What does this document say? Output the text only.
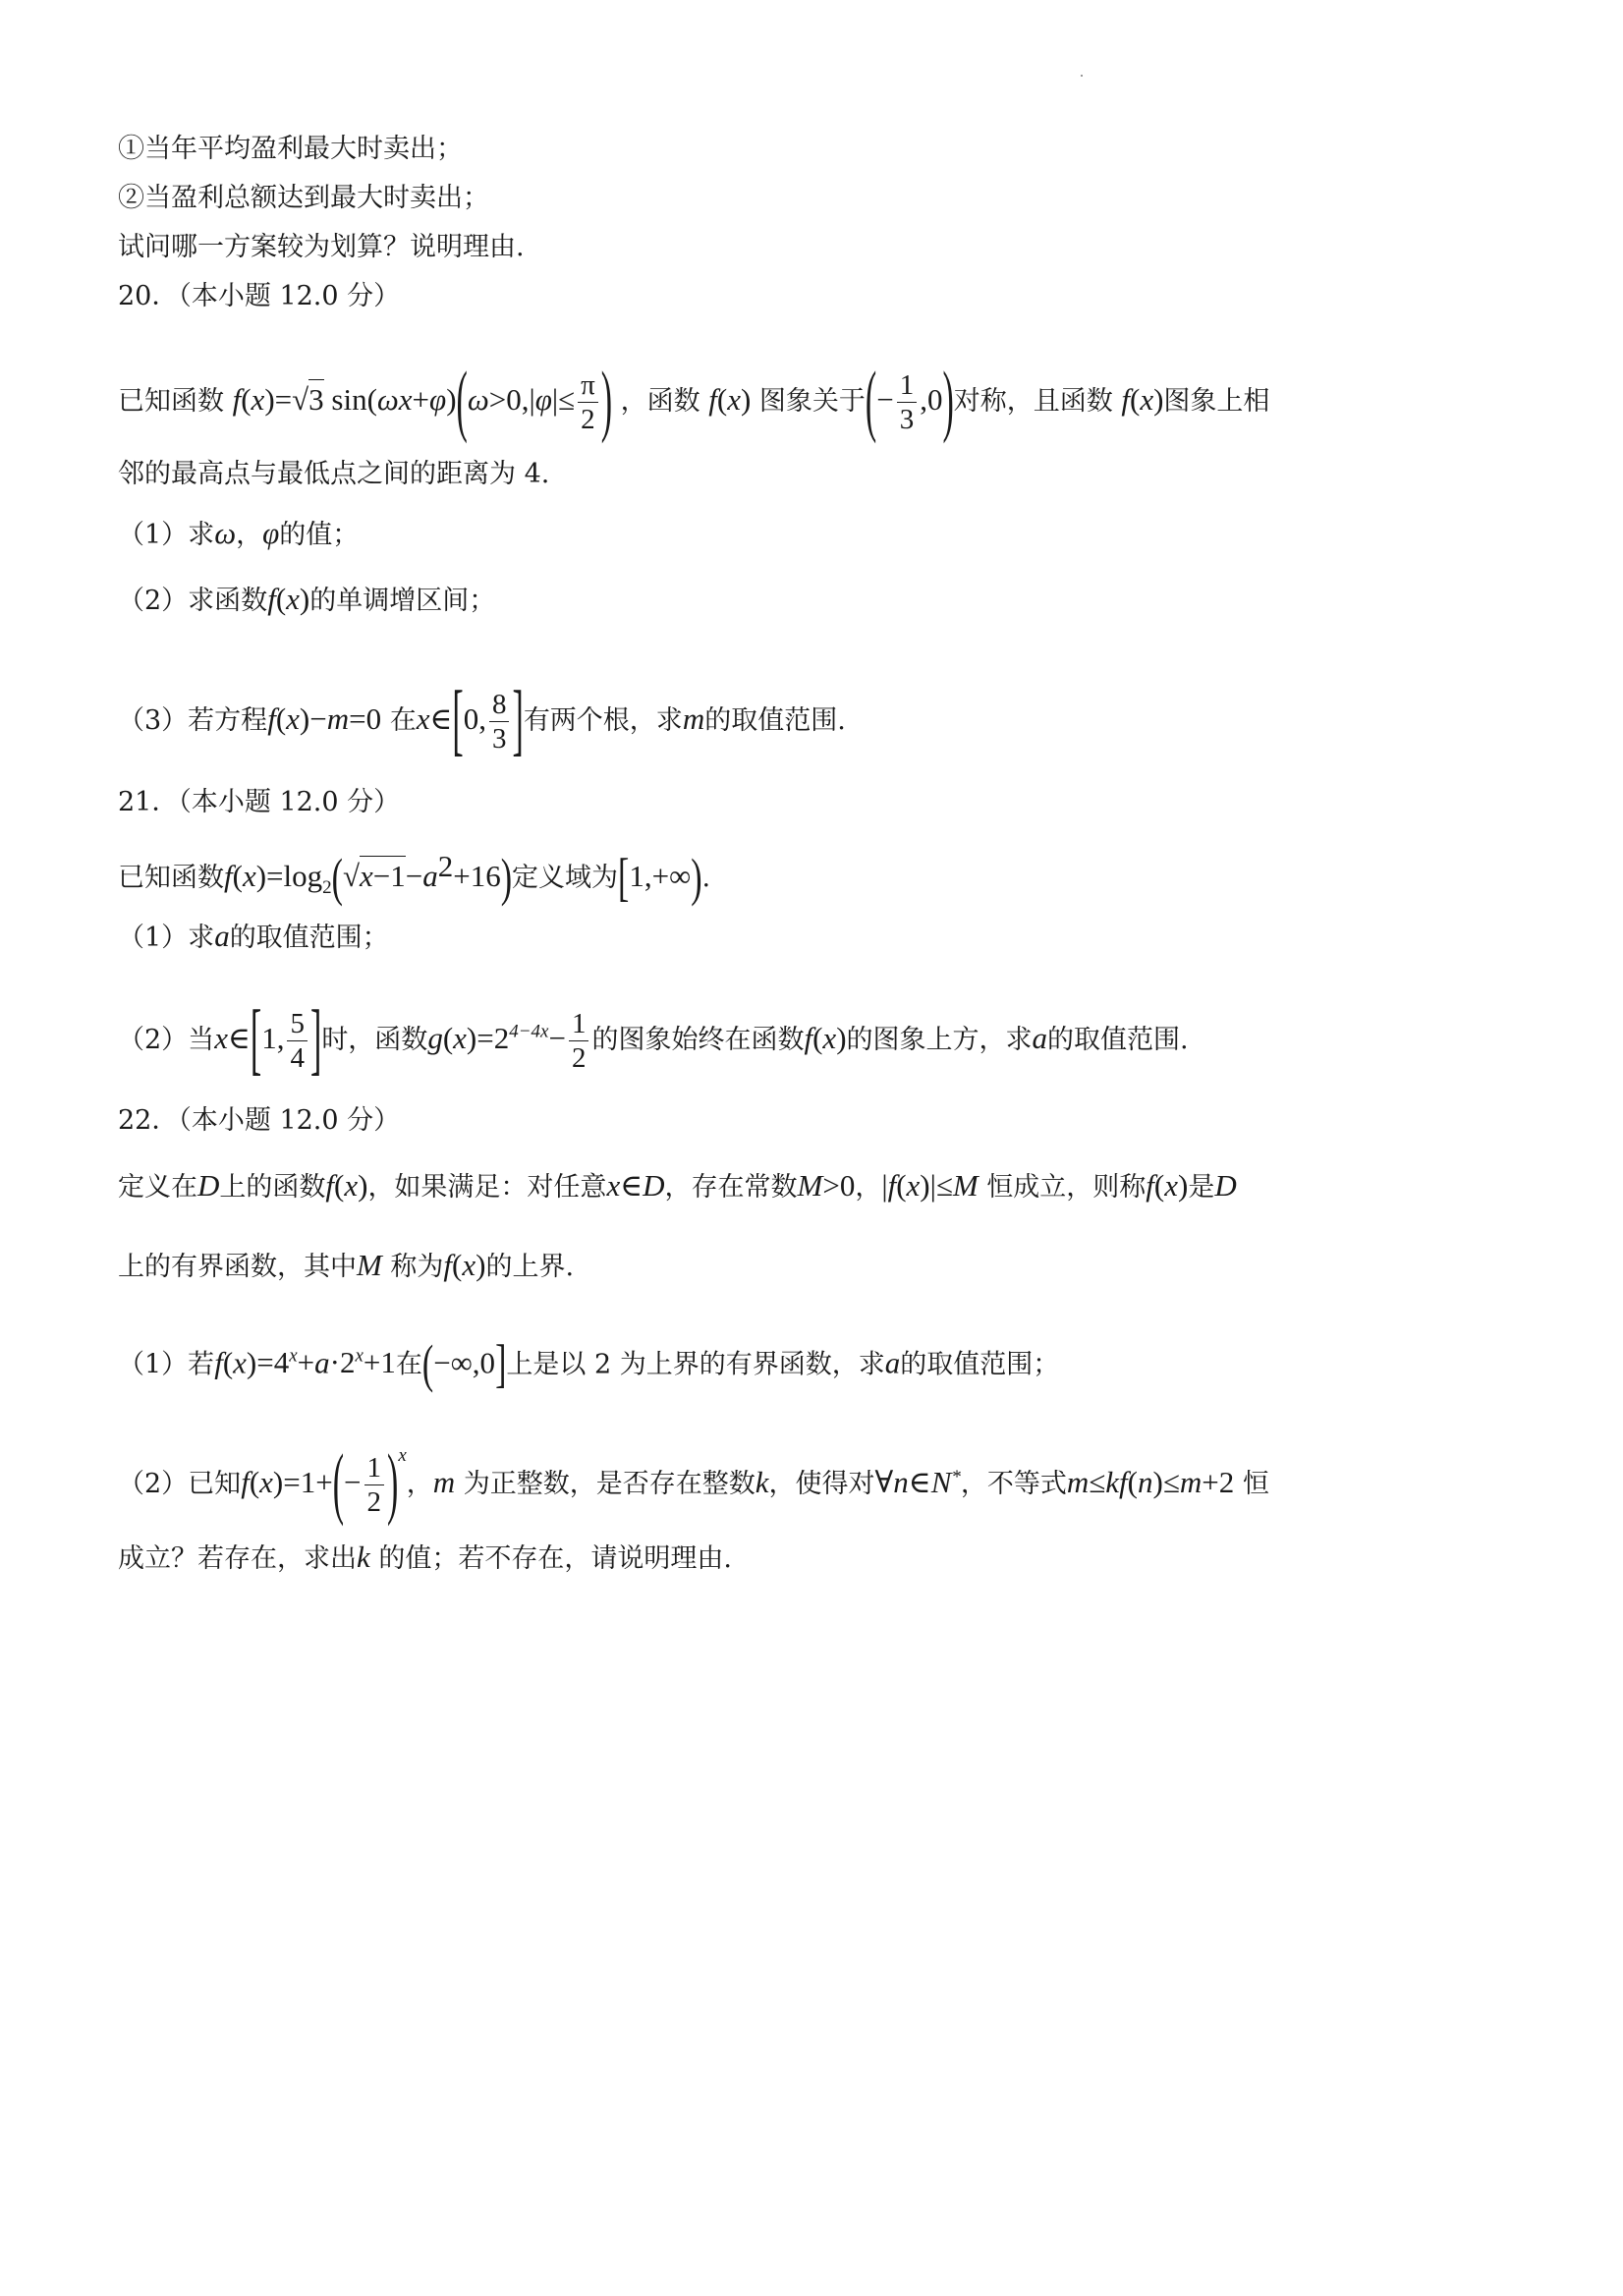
①当年平均盈利最大时卖出；
②当盈利总额达到最大时卖出；
试问哪一方案较为划算？说明理由.
20．（本小题 12.0 分）
已知函数 f(x)=√3 $\sin(\omega x+\varphi)(\omega>0,|\varphi|\le \frac{\pi}{2}$ ) ，函数 f(x) 图象关于(− $\frac{1}{3} ,0$)对称，且函数 f(x)图象上相
邻的最高点与最低点之间的距离为 4.
（1）求ω，φ的值；
（2）求函数f(x)的单调增区间；
（3）若方程f(x)−m=0 在x∈[0, $\frac{8}{3}$ ]有两个根，求m的取值范围.
21．（本小题 12.0 分）
已知函数$f(x)=\log_2(√x-1-a^2+16)$定义域为[1,+∞).
（1）求a的取值范围；
（2）当x∈[1, $\frac{5}{4}$ ]时，函数$g(x)=2^{4-4x}- \frac{1}{2}$ 的图象始终在函数f(x)的图象上方，求a的取值范围.
22．（本小题 12.0 分）
定义在D上的函数f(x)，如果满足：对任意x∈D，存在常数M>0，|f(x)|≤M 恒成立，则称f(x)是D
上的有界函数，其中M 称为f(x)的上界.
（1）若$f(x)=4^x+a\cdot 2^x+1$在(−∞,0]上是以 2 为上界的有界函数，求a的取值范围；
（2）已知$f(x)=1+(- \frac{1}{2} )^x$，m 为正整数，是否存在整数k，使得对∀n∈N*，不等式m≤kf(n)≤m+2 恒
成立？若存在，求出k 的值；若不存在，请说明理由.
